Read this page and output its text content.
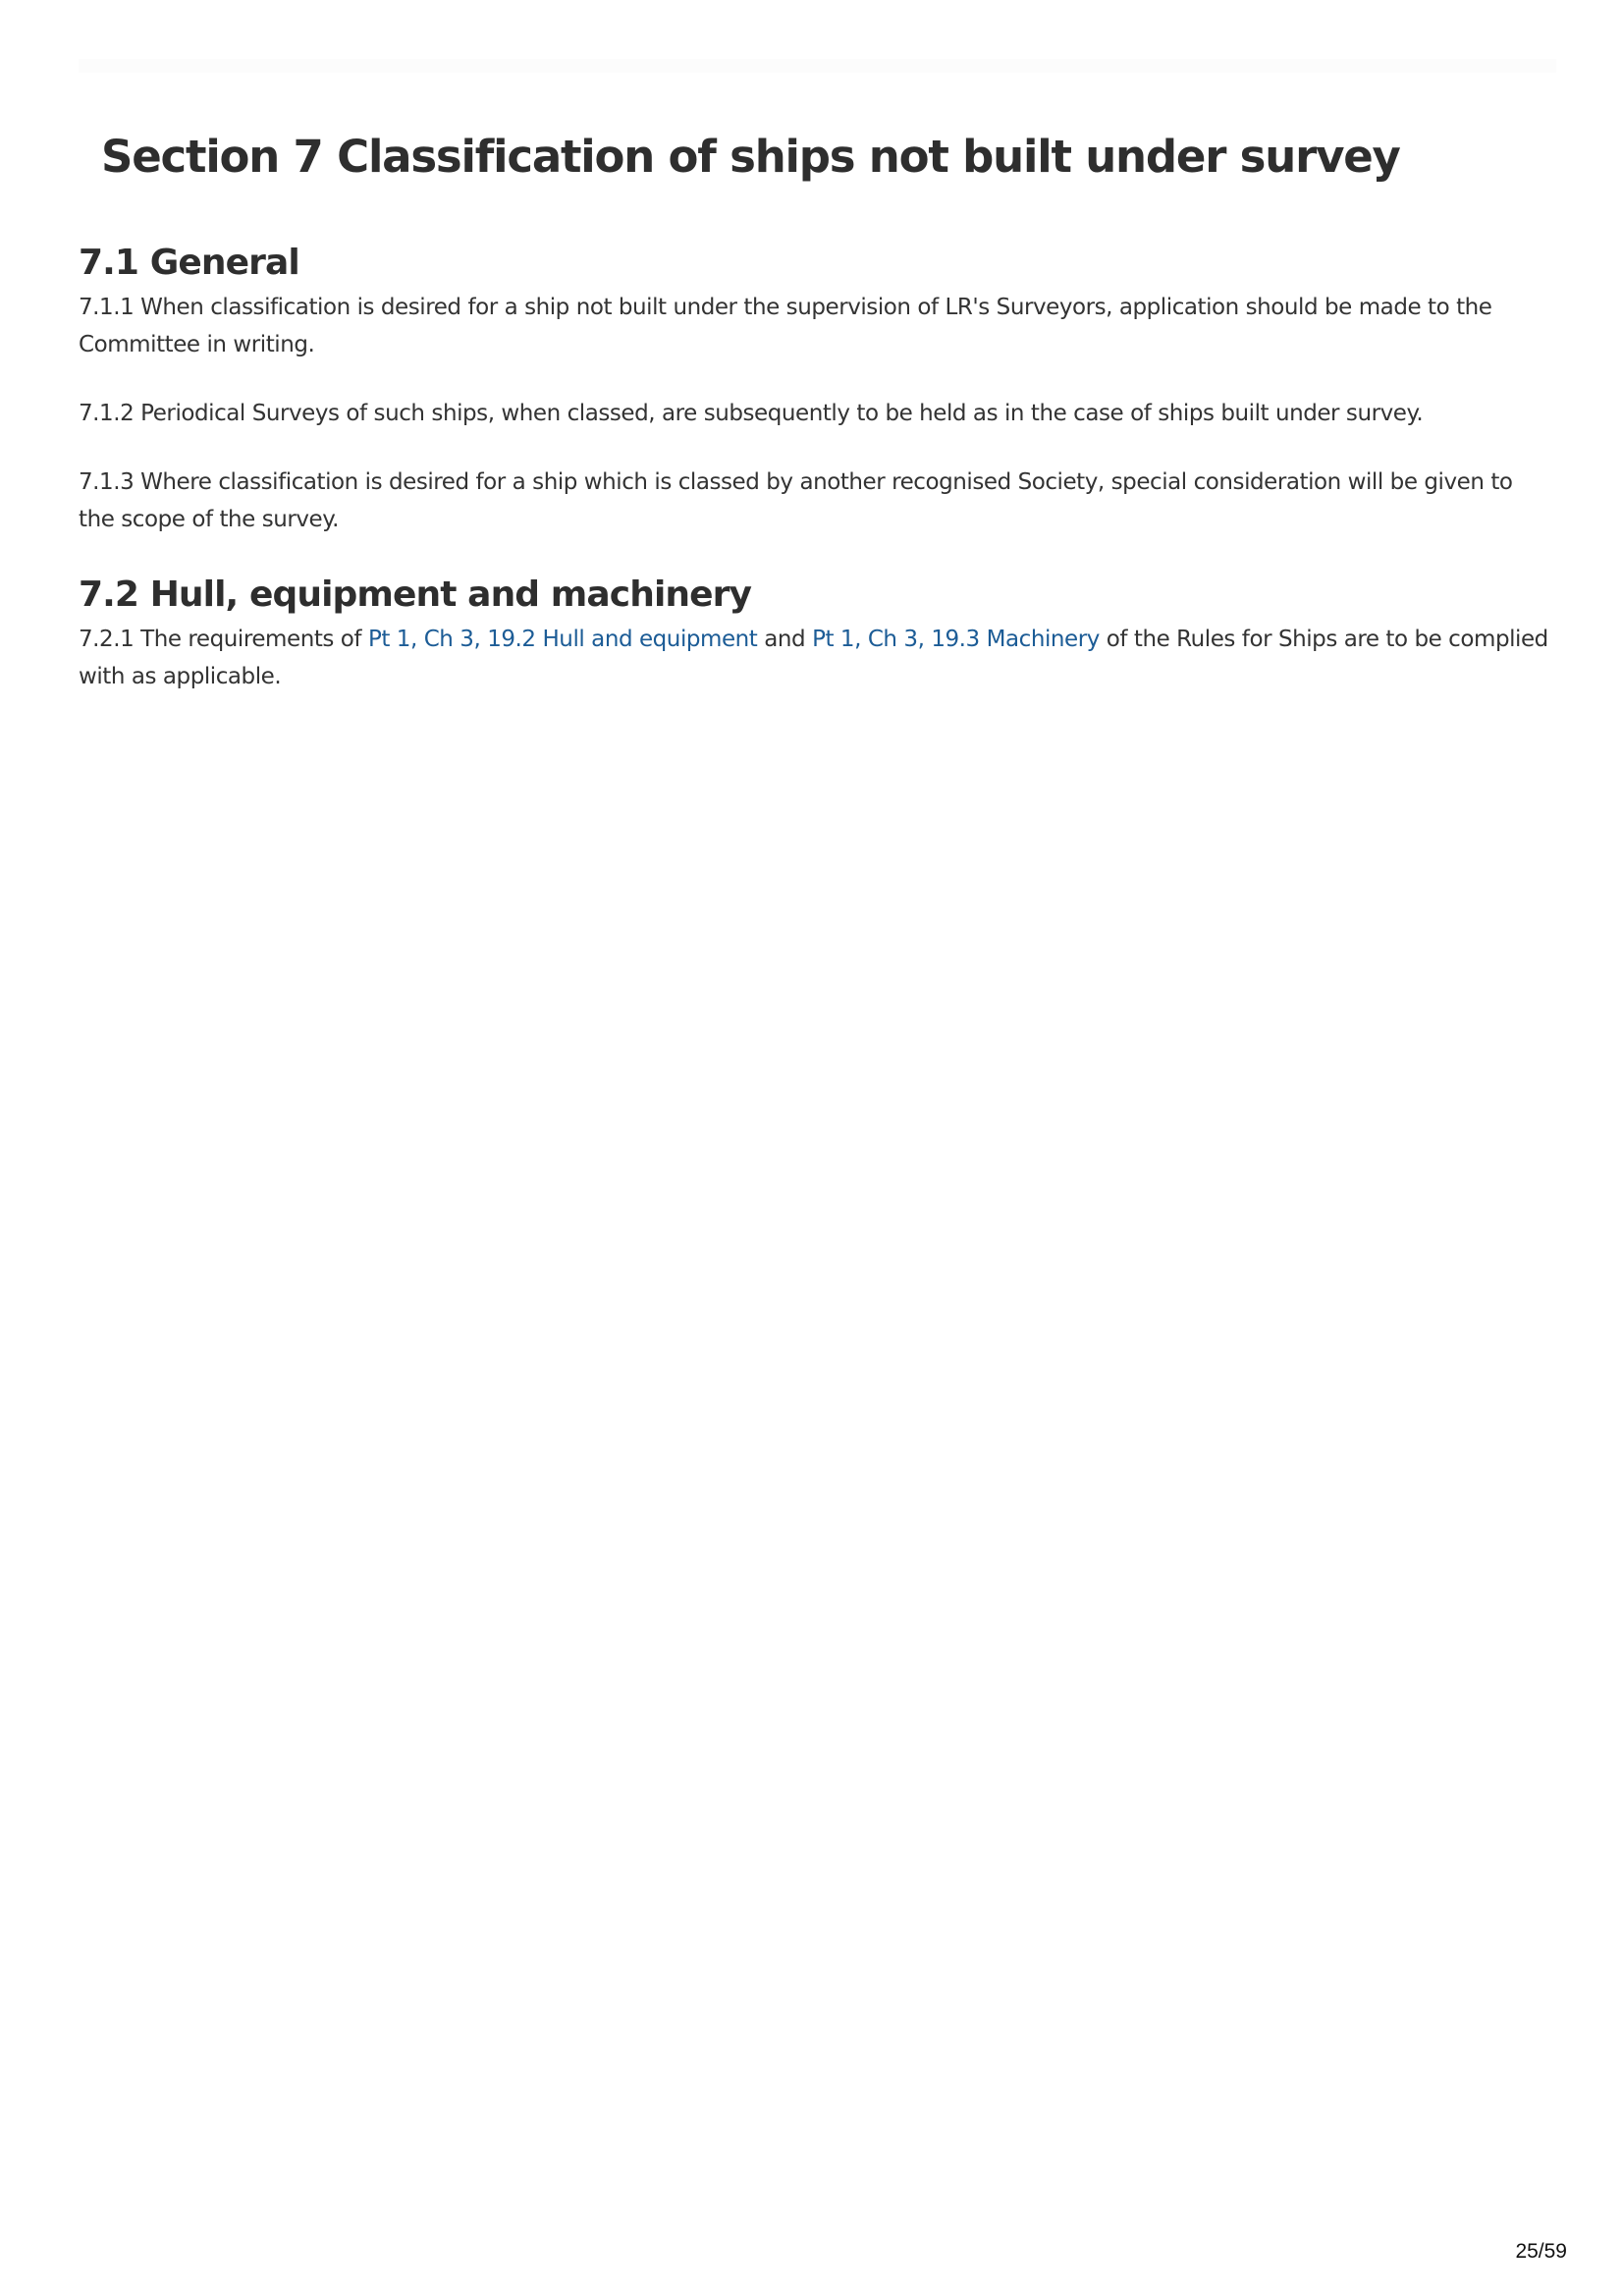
Section 7 Classification of ships not built under survey
7.1 General

7.1.1 When classification is desired for a ship not built under the supervision of LR's Surveyors, application should be made to the Committee in writing.

7.1.2 Periodical Surveys of such ships, when classed, are subsequently to be held as in the case of ships built under survey.

7.1.3 Where classification is desired for a ship which is classed by another recognised Society, special consideration will be given to the scope of the survey.

7.2 Hull, equipment and machinery

7.2.1 The requirements of Pt 1, Ch 3, 19.2 Hull and equipment and Pt 1, Ch 3, 19.3 Machinery of the Rules for Ships are to be complied with as applicable.

25/59
